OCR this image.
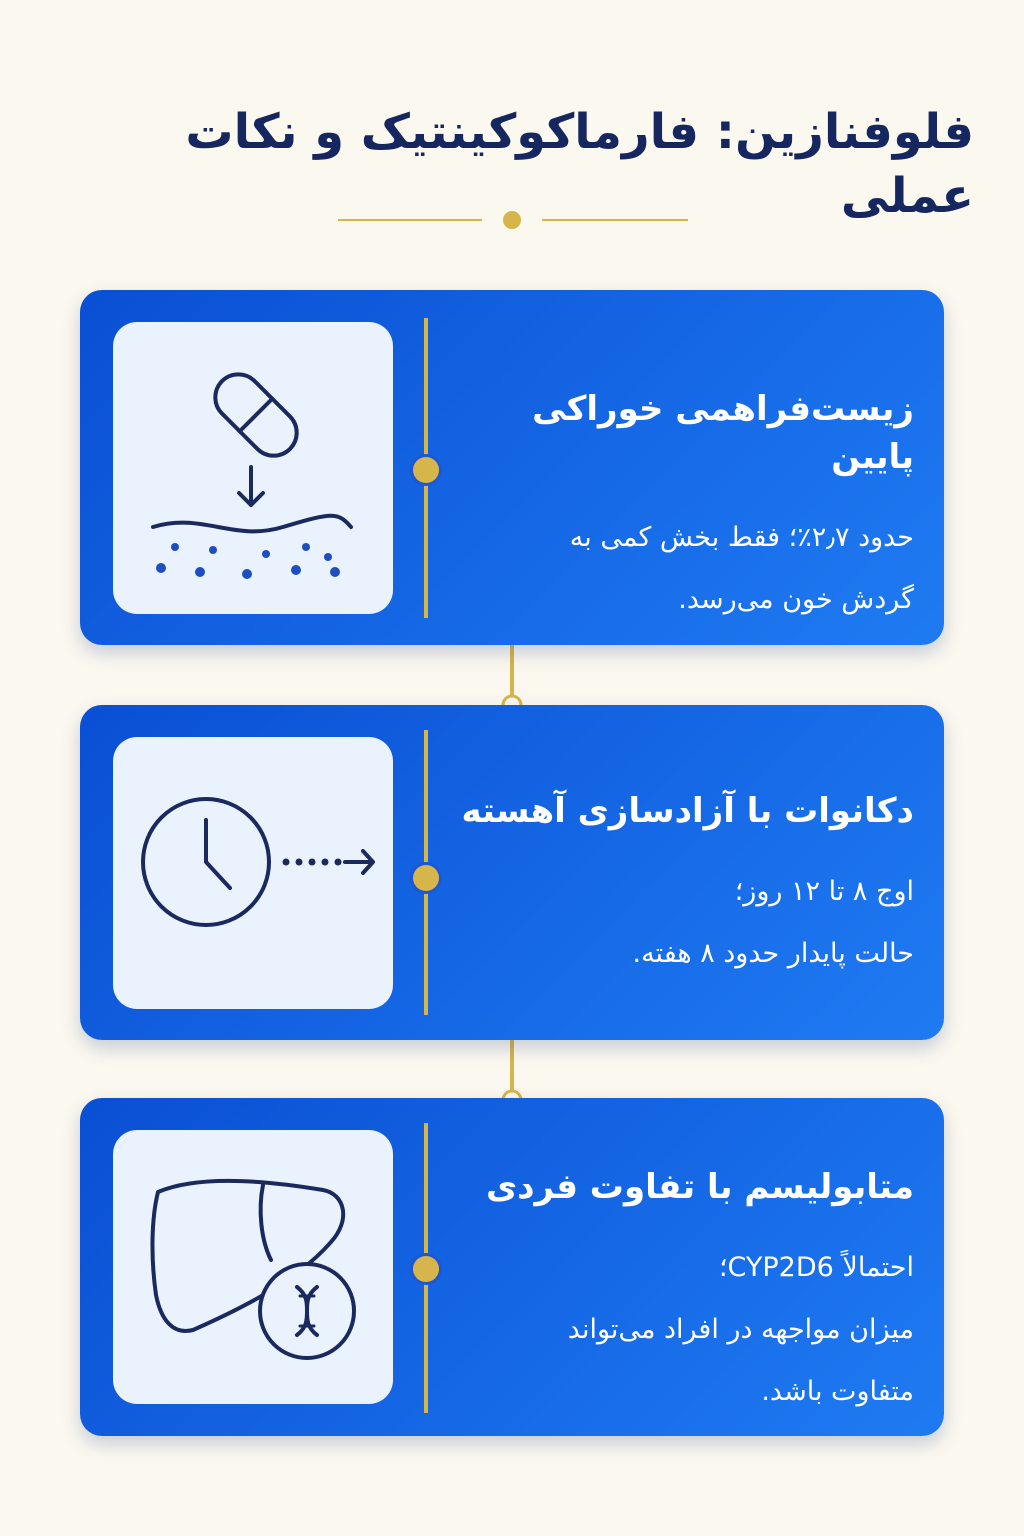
فلوفنازین: فارماکوکینتیک و نکات عملی
زیست‌فراهمی خوراکی پایین
حدود ۲٫۷٪؛ فقط بخش کمی به
گردش خون می‌رسد.
دکانوات با آزادسازی آهسته
اوج ۸ تا ۱۲ روز؛
حالت پایدار حدود ۸ هفته.
متابولیسم با تفاوت فردی
احتمالاً CYP2D6؛
میزان مواجهه در افراد می‌تواند
متفاوت باشد.
